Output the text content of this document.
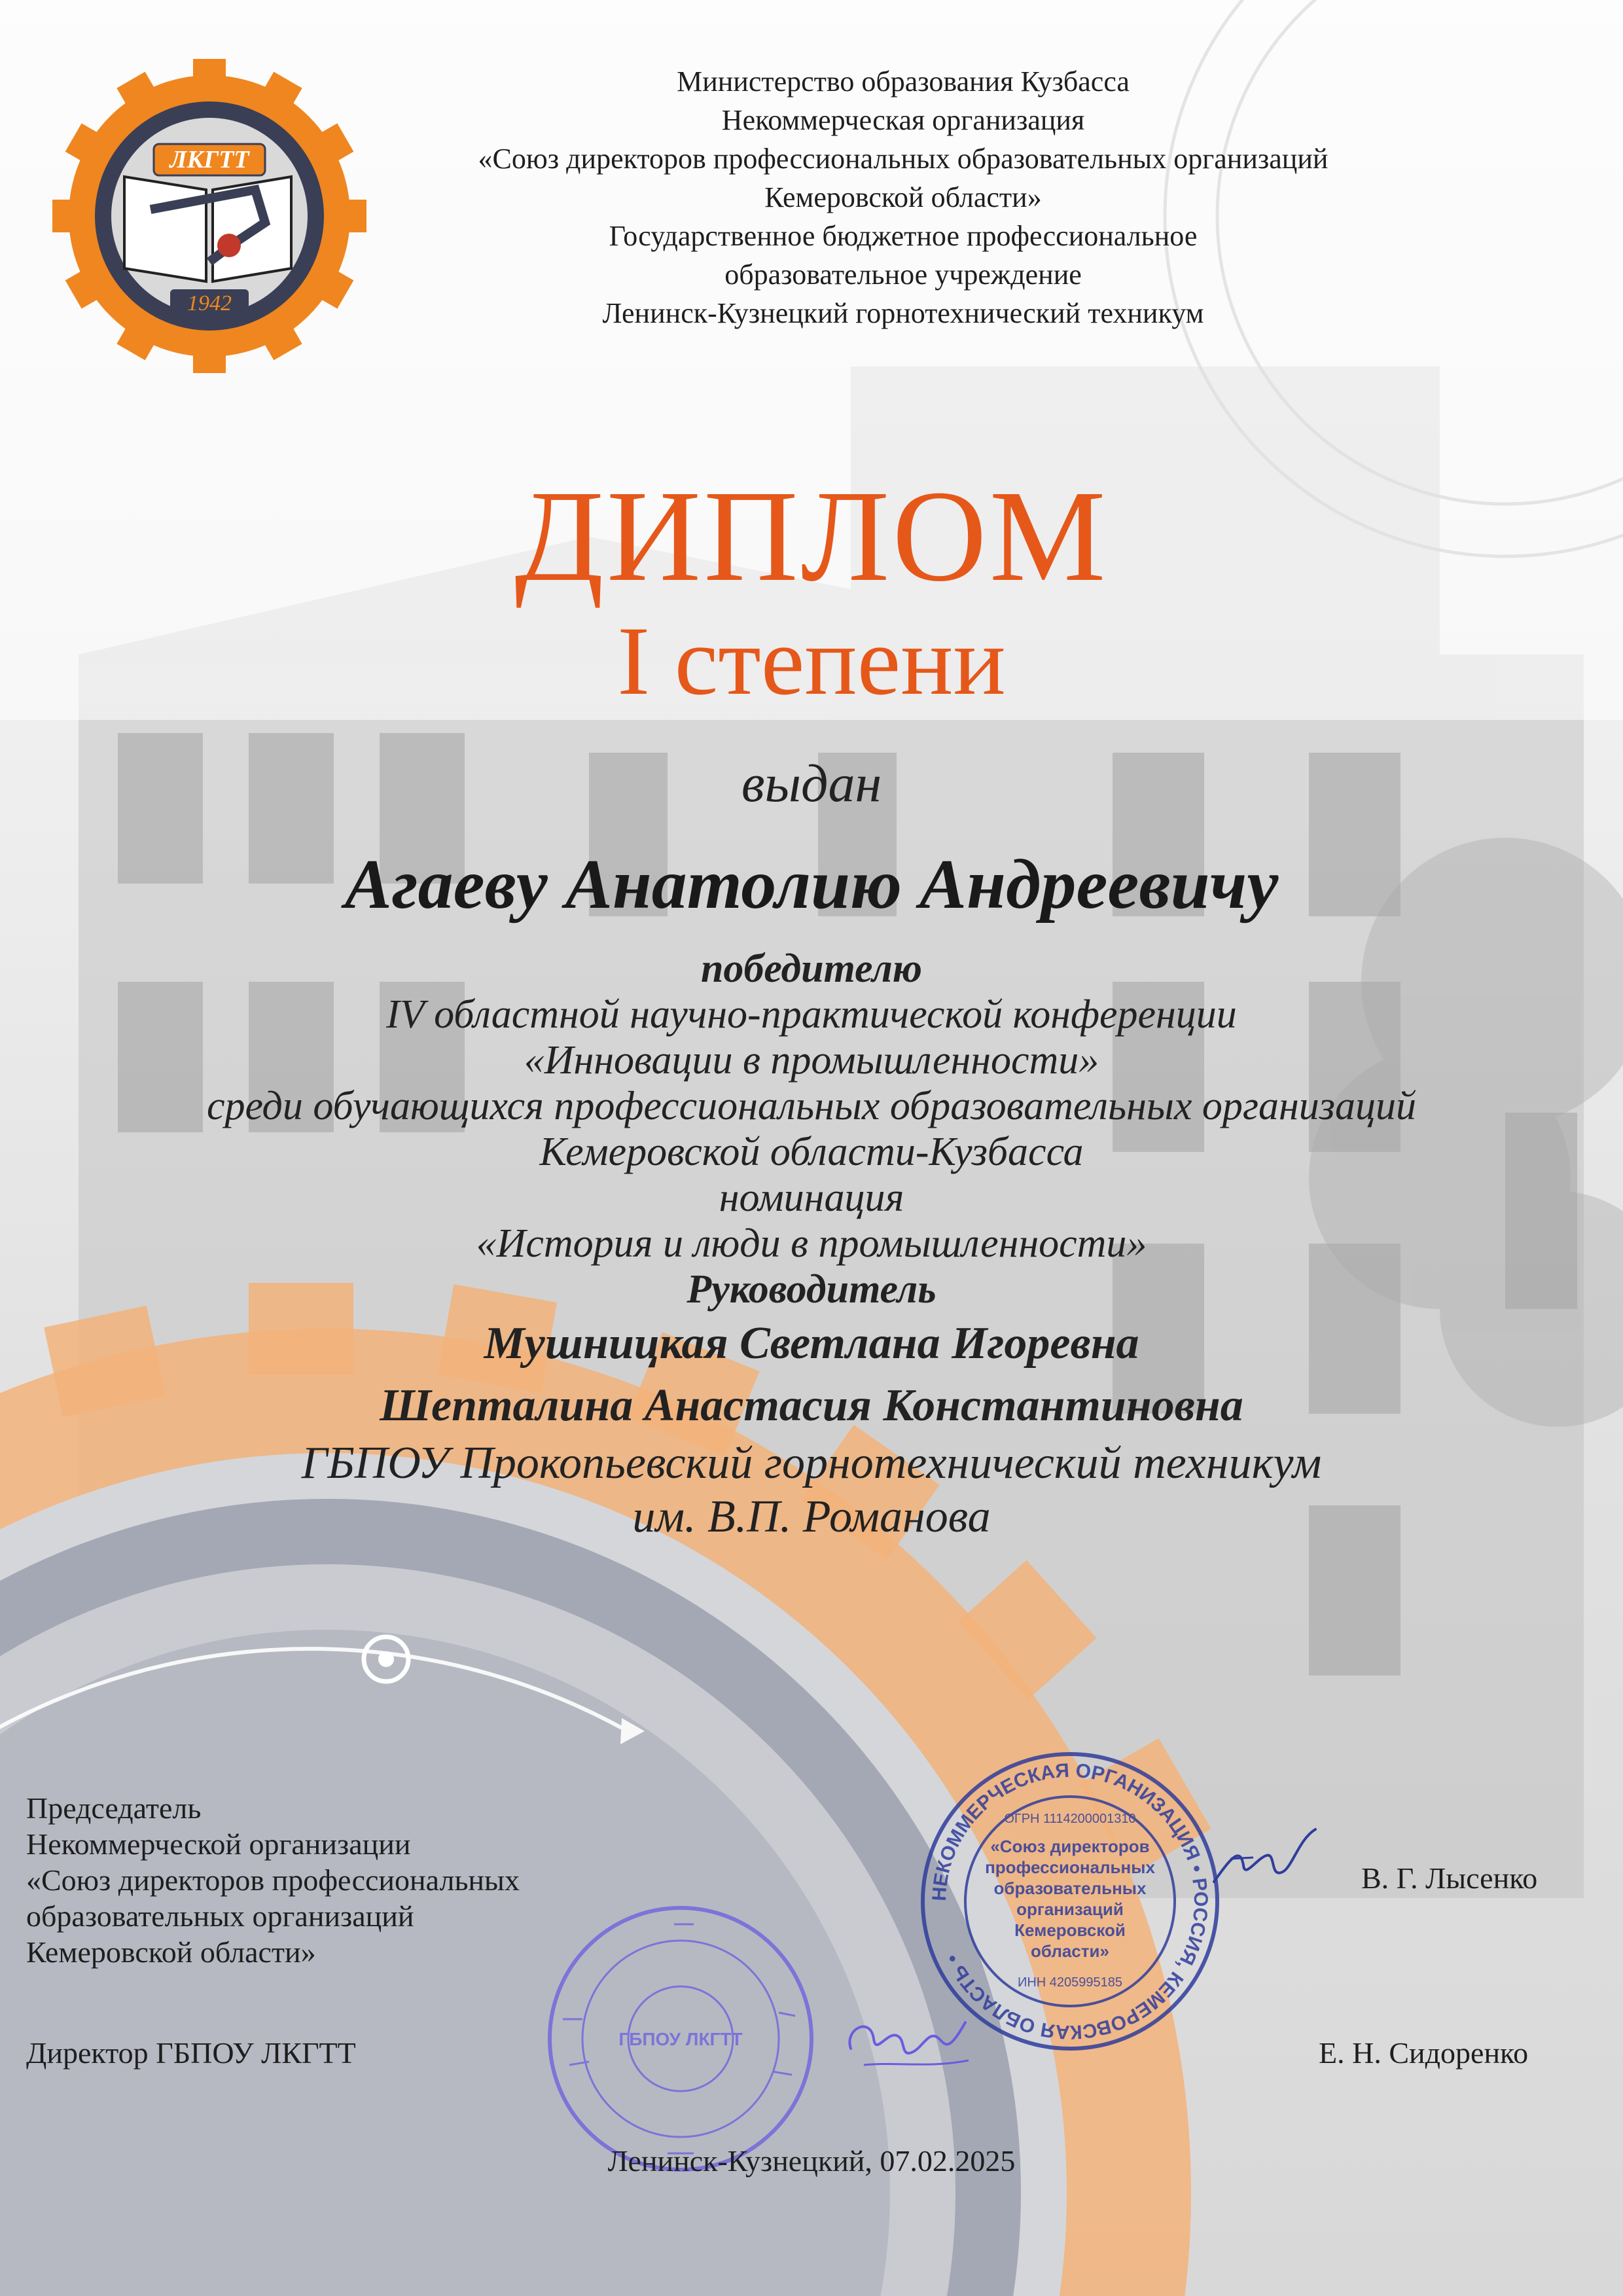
ЛКГТТ
1942
Министерство образования Кузбасса
Некоммерческая организация
«Союз директоров профессиональных образовательных организаций
Кемеровской области»
Государственное бюджетное профессиональное
образовательное учреждение
Ленинск-Кузнецкий горнотехнический техникум
ДИПЛОМ
I степени
выдан
Агаеву Анатолию Андреевичу
победителю
IV областной научно-практической конференции
«Инновации в промышленности»
среди обучающихся профессиональных образовательных организаций
Кемеровской области-Кузбасса
номинация
«История и люди в промышленности»
Руководитель
Мушницкая Светлана Игоревна
Шепталина Анастасия Константиновна
ГБПОУ Прокопьевский горнотехнический техникум
им. В.П. Романова
НЕКОММЕРЧЕСКАЯ ОРГАНИЗАЦИЯ • РОССИЯ, КЕМЕРОВСКАЯ ОБЛАСТЬ •
ОГРН 1114200001310
«Союз директоров
профессиональных
образовательных
организаций
Кемеровской
области»
ИНН 4205995185
ГБПОУ ЛКГТТ
Председатель
Некоммерческой организации
«Союз директоров профессиональных
образовательных организаций
Кемеровской области»
В. Г. Лысенко
Директор ГБПОУ ЛКГТТ	Е. Н. Сидоренко
Ленинск-Кузнецкий, 07.02.2025
